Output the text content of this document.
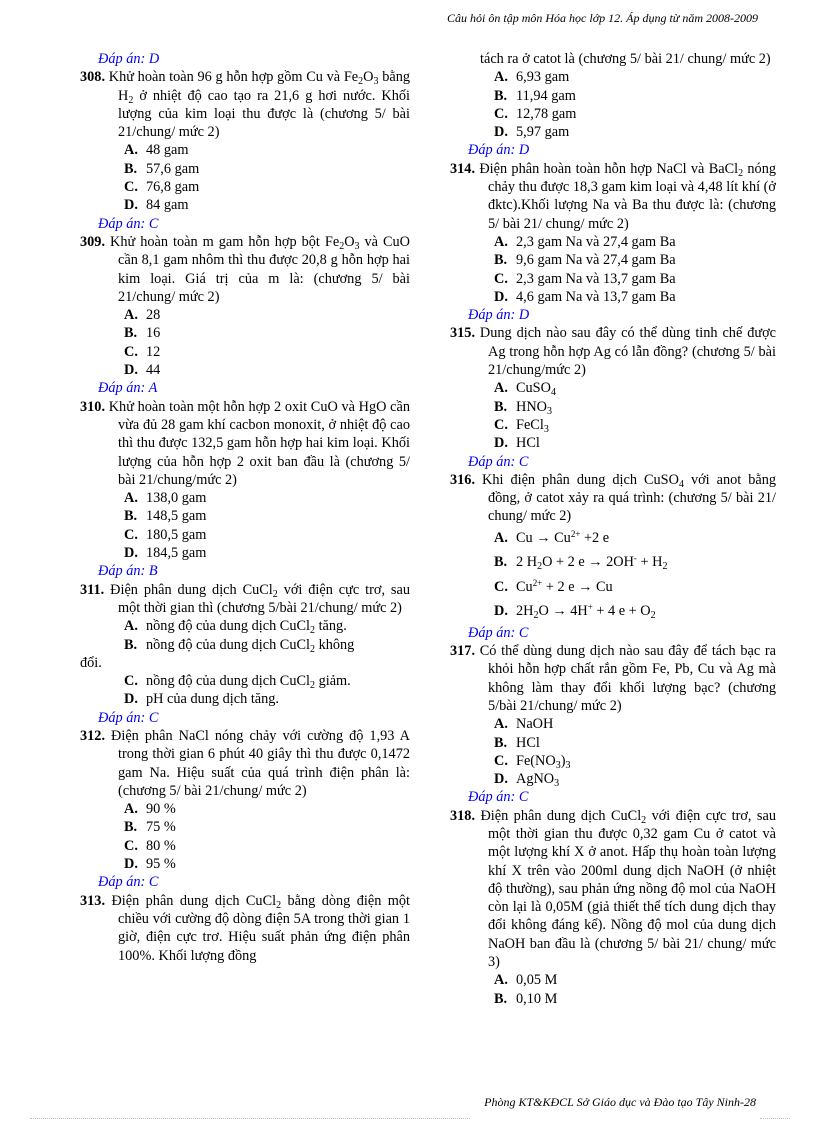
Câu hỏi ôn tập môn Hóa học lớp 12. Áp dụng từ năm 2008-2009
Đáp án: D
308. Khử hoàn toàn 96 g hỗn hợp gồm Cu và $Fe_2O_3$ bằng $H_2$ ở nhiệt độ cao tạo ra 21,6 g hơi nước. Khối lượng của kim loại thu được là (chương 5/ bài 21/chung/ mức 2)
A. 48 gam
B. 57,6 gam
C. 76,8 gam
D. 84 gam
Đáp án: C
309. Khử hoàn toàn m gam hỗn hợp bột $Fe_2O_3$ và CuO cần 8,1 gam nhôm thì thu được 20,8 g hỗn hợp hai kim loại. Giá trị của m là: (chương 5/ bài 21/chung/ mức 2)
A. 28
B. 16
C. 12
D. 44
Đáp án: A
310. Khử hoàn toàn một hỗn hợp 2 oxit CuO và HgO cần vừa đủ 28 gam khí cacbon monoxit, ở nhiệt độ cao thì thu được 132,5 gam hỗn hợp hai kim loại. Khối lượng của hỗn hợp 2 oxit ban đầu là (chương 5/ bài 21/chung/mức 2)
A. 138,0 gam
B. 148,5 gam
C. 180,5 gam
D. 184,5 gam
Đáp án: B
311. Điện phân dung dịch CuCl$_2$ với điện cực trơ, sau một thời gian thì (chương 5/bài 21/chung/ mức 2)
A. nồng độ của dung dịch CuCl$_2$ tăng.
B. nồng độ của dung dịch CuCl$_2$ không
đổi.
C. nồng độ của dung dịch CuCl$_2$ giảm.
D. pH của dung dịch tăng.
Đáp án: C
312. Điện phân NaCl nóng chảy với cường độ 1,93 A trong thời gian 6 phút 40 giây thì thu được 0,1472 gam Na. Hiệu suất của quá trình điện phân là: (chương 5/ bài 21/chung/ mức 2)
A. 90 %
B. 75 %
C. 80 %
D. 95 %
Đáp án: C
313. Điện phân dung dịch CuCl$_2$ bằng dòng điện một chiều với cường độ dòng điện 5A trong thời gian 1 giờ, điện cực trơ. Hiệu suất phản ứng điện phân 100%. Khối lượng đồng
tách ra ở catot là (chương 5/ bài 21/ chung/ mức 2)
A. 6,93 gam
B. 11,94 gam
C. 12,78 gam
D. 5,97 gam
Đáp án: D
314. Điện phân hoàn toàn hỗn hợp NaCl và BaCl$_2$ nóng chảy thu được 18,3 gam kim loại và 4,48 lít khí (ở đktc).Khối lượng Na và Ba thu được là: (chương 5/ bài 21/ chung/ mức 2)
A. 2,3 gam Na và 27,4 gam Ba
B. 9,6 gam Na và 27,4 gam Ba
C. 2,3 gam Na và 13,7 gam Ba
D. 4,6 gam Na và 13,7 gam Ba
Đáp án: D
315. Dung dịch nào sau đây có thể dùng tinh chế được Ag trong hỗn hợp Ag có lẫn đồng? (chương 5/ bài 21/chung/mức 2)
A. CuSO$_4$
B. $HNO_3$
C. FeCl$_3$
D. HCl
Đáp án: C
316. Khi điện phân dung dịch CuSO$_4$ với anot bằng đồng, ở catot xảy ra quá trình: (chương 5/ bài 21/ chung/ mức 2)
A. $Cu \to Cu^{2+} +2$ e
B. 2 $H_2O + 2$ $e \to 2OH^- + H_2$
C. $Cu^{2+} + 2$ e → Cu
D. $2H_2O \to 4H^+ + 4$ $e + O_2$
Đáp án: C
317. Có thể dùng dung dịch nào sau đây để tách bạc ra khỏi hỗn hợp chất rắn gồm Fe, Pb, Cu và Ag mà không làm thay đổi khối lượng bạc? (chương 5/bài 21/chung/ mức 2)
A. NaOH
B. HCl
C. $Fe(NO_3)_3$
D. AgNO$_3$
Đáp án: C
318. Điện phân dung dịch CuCl$_2$ với điện cực trơ, sau một thời gian thu được 0,32 gam Cu ở catot và một lượng khí X ở anot. Hấp thụ hoàn toàn lượng khí X trên vào 200ml dung dịch NaOH (ở nhiệt độ thường), sau phản ứng nồng độ mol của NaOH còn lại là 0,05M (giả thiết thể tích dung dịch thay đổi không đáng kể). Nồng độ mol của dung dịch NaOH ban đầu là (chương 5/ bài 21/ chung/ mức 3)
A. 0,05 M
B. 0,10 M
Phòng KT&KĐCL Sở Giáo dục và Đào tạo Tây Ninh-28
